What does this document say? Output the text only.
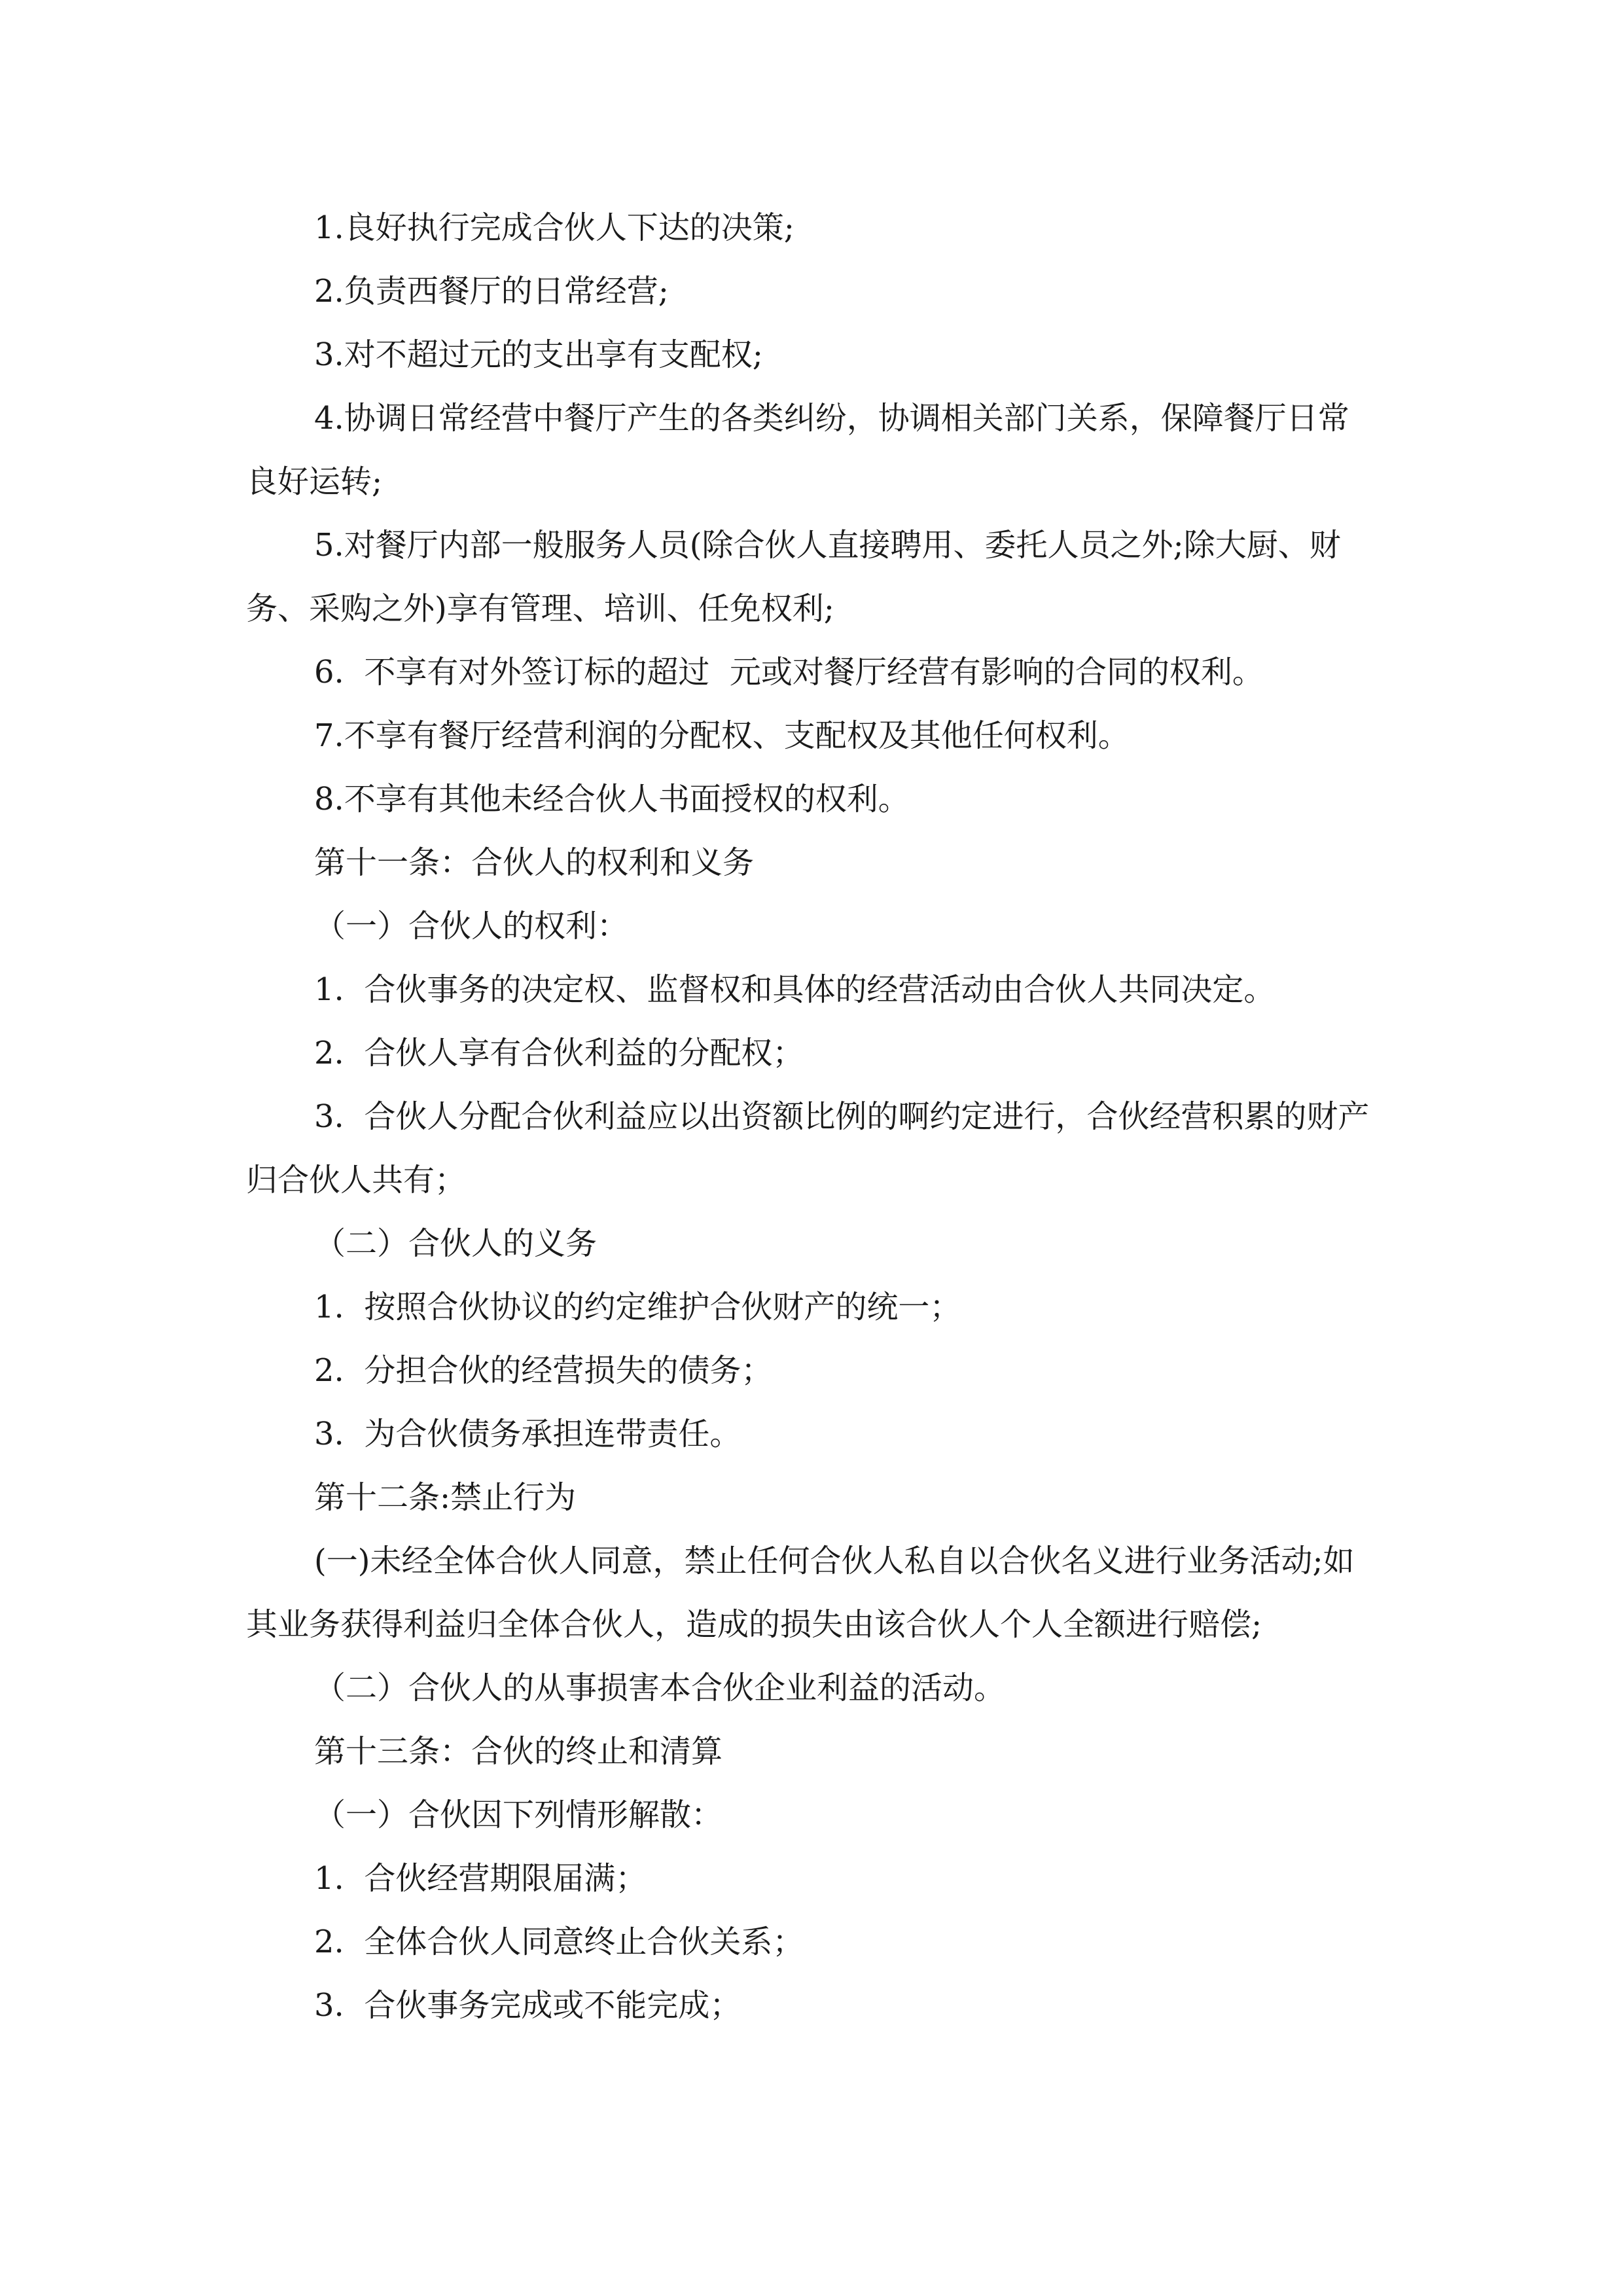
1.良好执行完成合伙人下达的决策;

2.负责西餐厅的日常经营;

3.对不超过元的支出享有支配权;

4.协调日常经营中餐厅产生的各类纠纷，协调相关部门关系，保障餐厅日常良好运转;

5.对餐厅内部一般服务人员(除合伙人直接聘用、委托人员之外;除大厨、财务、采购之外)享有管理、培训、任免权利;

6.  不享有对外签订标的超过  元或对餐厅经营有影响的合同的权利。

7.不享有餐厅经营利润的分配权、支配权及其他任何权利。

8.不享有其他未经合伙人书面授权的权利。

第十一条：合伙人的权利和义务

（一）合伙人的权利：

1.  合伙事务的决定权、监督权和具体的经营活动由合伙人共同决定。

2.  合伙人享有合伙利益的分配权；

3.  合伙人分配合伙利益应以出资额比例的啊约定进行，合伙经营积累的财产归合伙人共有；

（二）合伙人的义务

1.  按照合伙协议的约定维护合伙财产的统一；

2.  分担合伙的经营损失的债务；

3.  为合伙债务承担连带责任。

第十二条:禁止行为

(一)未经全体合伙人同意，禁止任何合伙人私自以合伙名义进行业务活动;如其业务获得利益归全体合伙人，造成的损失由该合伙人个人全额进行赔偿;

（二）合伙人的从事损害本合伙企业利益的活动。

第十三条：合伙的终止和清算

（一）合伙因下列情形解散：

1.  合伙经营期限届满；

2.  全体合伙人同意终止合伙关系；

3.  合伙事务完成或不能完成；
